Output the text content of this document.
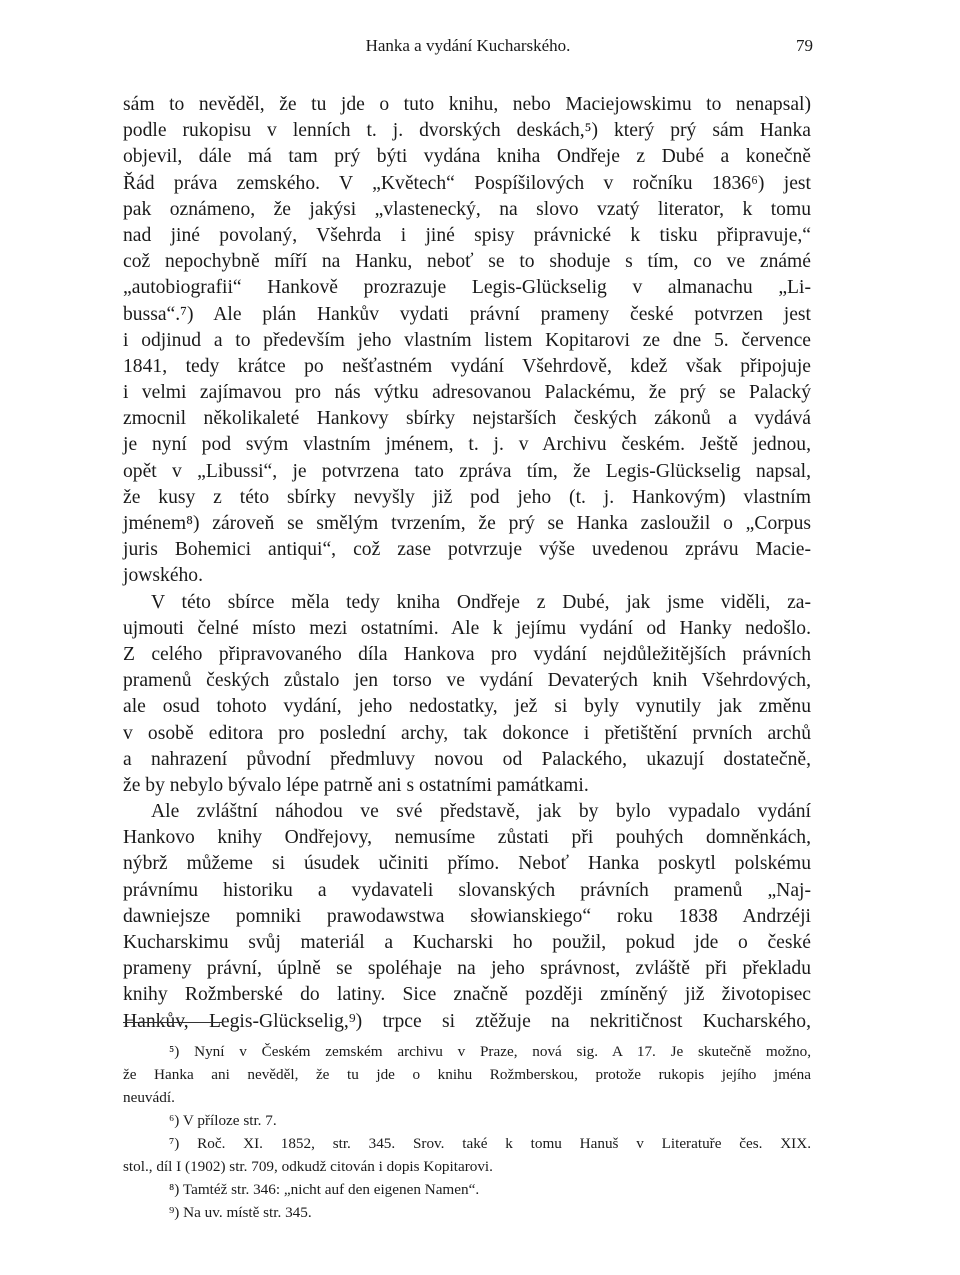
Hanka a vydání Kucharského.	79
sám to nevěděl, že tu jde o tuto knihu, nebo Maciejowskimu to nenapsal)
podle rukopisu v lenních t. j. dvorských deskách,⁵) který prý sám Hanka
objevil, dále má tam prý býti vydána kniha Ondřeje z Dubé a konečně
Řád práva zemského. V „Květech“ Pospíšilových v ročníku 1836⁶) jest
pak oznámeno, že jakýsi „vlastenecký, na slovo vzatý literator, k tomu
nad jiné povolaný, Všehrda i jiné spisy právnické k tisku připravuje,“
což nepochybně míří na Hanku, neboť se to shoduje s tím, co ve známé
„autobiografii“ Hankově prozrazuje Legis-Glückselig v almanachu „Li-
bussa“.⁷) Ale plán Hankův vydati právní prameny české potvrzen jest
i odjinud a to především jeho vlastním listem Kopitarovi ze dne 5. července
1841, tedy krátce po nešťastném vydání Všehrdově, kdež však připojuje
i velmi zajímavou pro nás výtku adresovanou Palackému, že prý se Palacký
zmocnil několikaleté Hankovy sbírky nejstarších českých zákonů a vydává
je nyní pod svým vlastním jménem, t. j. v Archivu českém. Ještě jednou,
opět v „Libussi“, je potvrzena tato zpráva tím, že Legis-Glückselig napsal,
že kusy z této sbírky nevyšly již pod jeho (t. j. Hankovým) vlastním
jménem⁸) zároveň se smělým tvrzením, že prý se Hanka zasloužil o „Corpus
juris Bohemici antiqui“, což zase potvrzuje výše uvedenou zprávu Macie-
jowského.
V této sbírce měla tedy kniha Ondřeje z Dubé, jak jsme viděli, za-
ujmouti čelné místo mezi ostatními. Ale k jejímu vydání od Hanky nedošlo.
Z celého připravovaného díla Hankova pro vydání nejdůležitějších právních
pramenů českých zůstalo jen torso ve vydání Devaterých knih Všehrdových,
ale osud tohoto vydání, jeho nedostatky, jež si byly vynutily jak změnu
v osobě editora pro poslední archy, tak dokonce i přetištění prvních archů
a nahrazení původní předmluvy novou od Palackého, ukazují dostatečně,
že by nebylo bývalo lépe patrně ani s ostatními památkami.
Ale zvláštní náhodou ve své představě, jak by bylo vypadalo vydání
Hankovo knihy Ondřejovy, nemusíme zůstati při pouhých domněnkách,
nýbrž můžeme si úsudek učiniti přímo. Neboť Hanka poskytl polskému
právnímu historiku a vydavateli slovanských právních pramenů „Naj-
dawniejsze pomniki prawodawstwa słowianskiego“ roku 1838 Andrzéji
Kucharskimu svůj materiál a Kucharski ho použil, pokud jde o české
prameny právní, úplně se spoléhaje na jeho správnost, zvláště při překladu
knihy Rožmberské do latiny. Sice značně později zmíněný již životopisec
Hankův, Legis-Glückselig,⁹) trpce si ztěžuje na nekritičnost Kucharského,
⁵) Nyní v Českém zemském archivu v Praze, nová sig. A 17. Je skutečně možno,
že Hanka ani nevěděl, že tu jde o knihu Rožmberskou, protože rukopis jejího jména
neuvádí.
⁶) V příloze str. 7.
⁷) Roč. XI. 1852, str. 345. Srov. také k tomu Hanuš v Literatuře čes. XIX.
stol., díl I (1902) str. 709, odkudž citován i dopis Kopitarovi.
⁸) Tamtéž str. 346: „nicht auf den eigenen Namen“.
⁹) Na uv. místě str. 345.
